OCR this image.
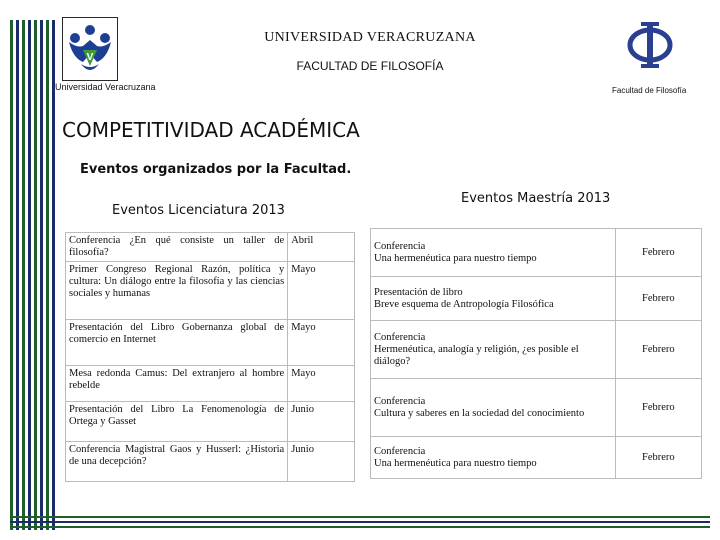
V
Universidad Veracruzana	Facultad de Filosofía
UNIVERSIDAD VERACRUZANA
FACULTAD DE FILOSOFÍA
COMPETITIVIDAD ACADÉMICA
Eventos organizados por la Facultad.
Eventos Licenciatura 2013
Eventos Maestría 2013
Conferencia ¿En qué consiste un taller de filosofía?	Abril
Primer Congreso Regional Razón, política y cultura: Un diálogo entre la filosofía y las ciencias sociales y humanas	Mayo
Presentación del Libro Gobernanza global de comercio en Internet	Mayo
Mesa redonda Camus: Del extranjero al hombre rebelde	Mayo
Presentación del Libro La Fenomenología de Ortega y Gasset	Junio
Conferencia Magistral Gaos y Husserl: ¿Historia de una decepción?	Junio
Conferencia
Una hermenéutica para nuestro tiempo	Febrero

Presentación de libro
Breve esquema de Antropología Filosófica	Febrero

Conferencia
Hermenéutica, analogía y religión, ¿es posible el diálogo?	Febrero

Conferencia
Cultura y saberes en la sociedad del conocimiento	Febrero

Conferencia
Una hermenéutica para nuestro tiempo	Febrero
